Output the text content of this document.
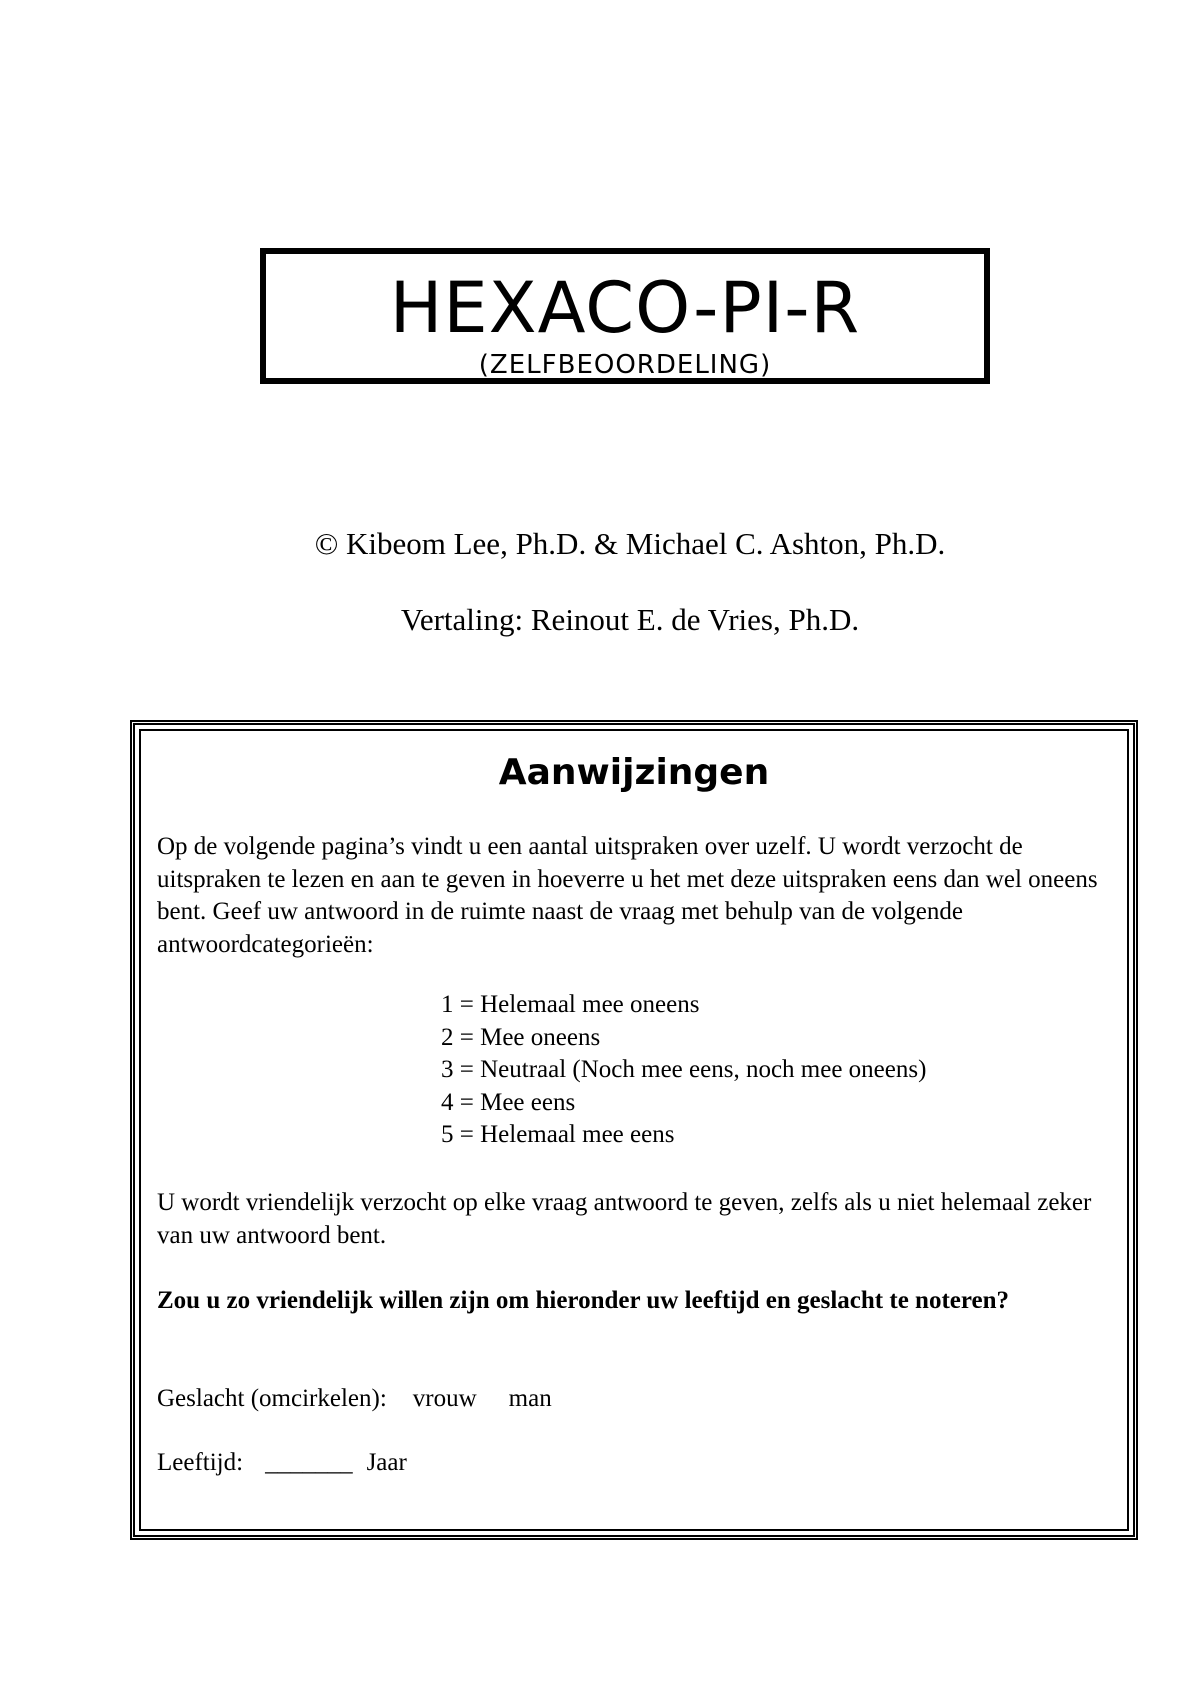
HEXACO-PI-R
(ZELFBEOORDELING)
© Kibeom Lee, Ph.D. & Michael C. Ashton, Ph.D.
Vertaling: Reinout E. de Vries, Ph.D.
Aanwijzingen
Op de volgende pagina’s vindt u een aantal uitspraken over uzelf. U wordt verzocht de uitspraken te lezen en aan te geven in hoeverre u het met deze uitspraken eens dan wel oneens bent. Geef uw antwoord in de ruimte naast de vraag met behulp van de volgende antwoordcategorieën:
1 = Helemaal mee oneens
2 = Mee oneens
3 = Neutraal (Noch mee eens, noch mee oneens)
4 = Mee eens
5 = Helemaal mee eens
U wordt vriendelijk verzocht op elke vraag antwoord te geven, zelfs als u niet helemaal zeker van uw antwoord bent.
Zou u zo vriendelijk willen zijn om hieronder uw leeftijd en geslacht te noteren?
Geslacht (omcirkelen): vrouw man
Leeftijd: _______ Jaar
